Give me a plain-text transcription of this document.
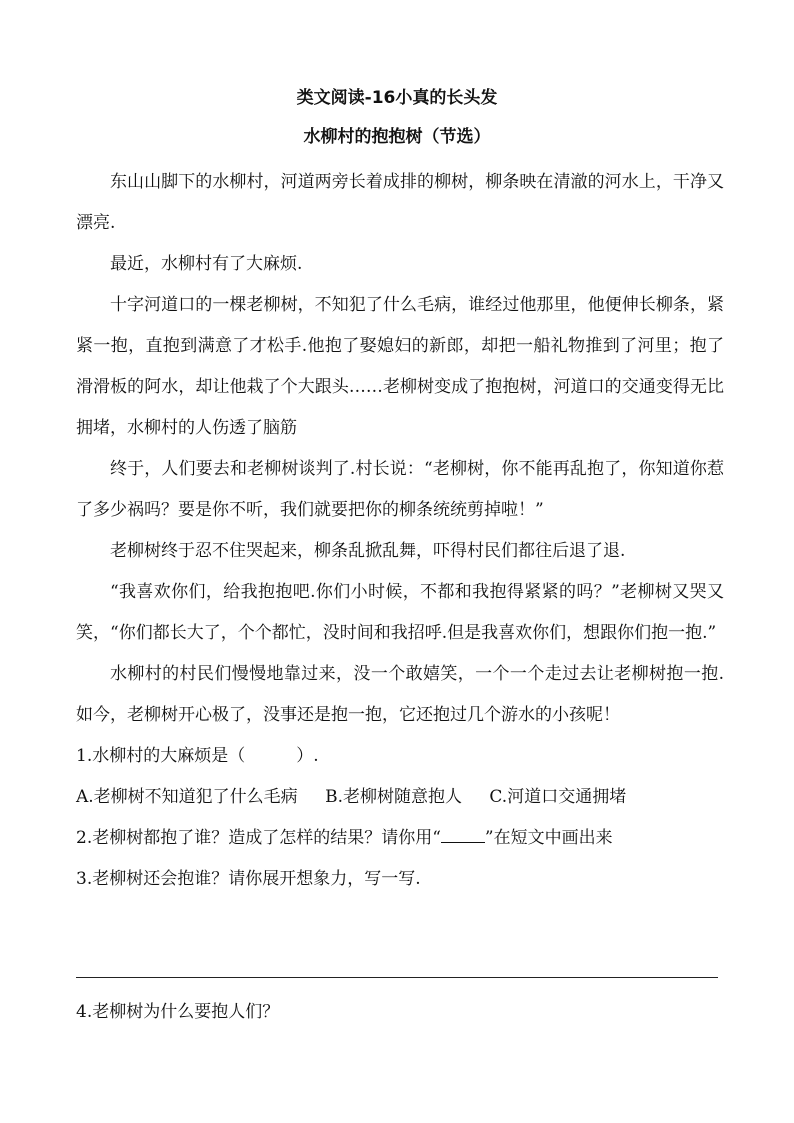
类文阅读-16小真的长头发
水柳村的抱抱树（节选）

东山山脚下的水柳村，河道两旁长着成排的柳树，柳条映在清澈的河水上，干净又漂亮.

最近，水柳村有了大麻烦.

十字河道口的一棵老柳树，不知犯了什么毛病，谁经过他那里，他便伸长柳条，紧紧一抱，直抱到满意了才松手.他抱了娶媳妇的新郎，却把一船礼物推到了河里；抱了滑滑板的阿水，却让他栽了个大跟头……老柳树变成了抱抱树，河道口的交通变得无比拥堵，水柳村的人伤透了脑筋

终于，人们要去和老柳树谈判了.村长说：“老柳树，你不能再乱抱了，你知道你惹了多少祸吗？要是你不听，我们就要把你的柳条统统剪掉啦！”

老柳树终于忍不住哭起来，柳条乱掀乱舞，吓得村民们都往后退了退.

“我喜欢你们，给我抱抱吧.你们小时候，不都和我抱得紧紧的吗？”老柳树又哭又笑，“你们都长大了，个个都忙，没时间和我招呼.但是我喜欢你们，想跟你们抱一抱.”

水柳村的村民们慢慢地靠过来，没一个敢嬉笑，一个一个走过去让老柳树抱一抱.如今，老柳树开心极了，没事还是抱一抱，它还抱过几个游水的小孩呢！

1.水柳村的大麻烦是（　　　）.

A.老柳树不知道犯了什么毛病 B.老柳树随意抱人 C.河道口交通拥堵

2.老柳树都抱了谁？造成了怎样的结果？请你用“	”在短文中画出来

3.老柳树还会抱谁？请你展开想象力，写一写.

4.老柳树为什么要抱人们？
